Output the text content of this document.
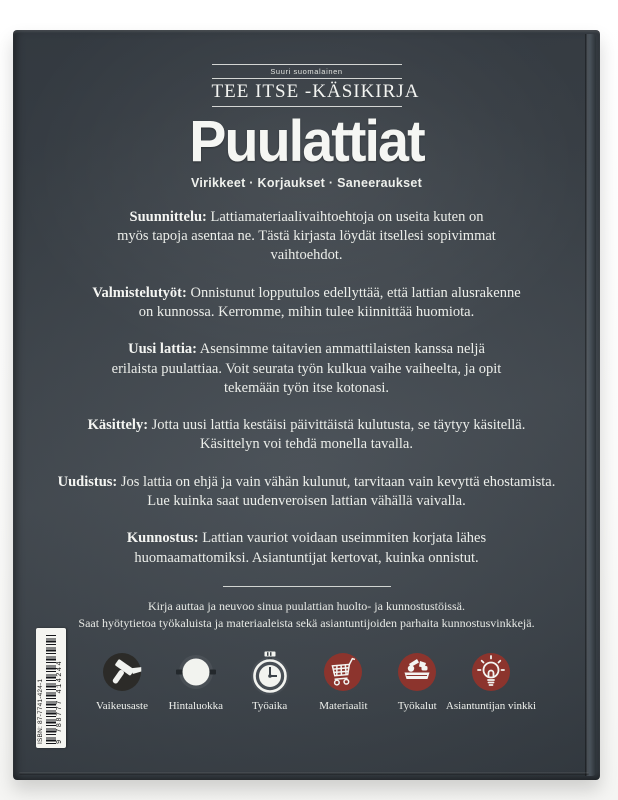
Suuri suomalainen
TEE ITSE -KÄSIKIRJA
Puulattiat
Virikkeet · Korjaukset · Saneeraukset

Suunnittelu: Lattiamateriaalivaihtoehtoja on useita kuten on myös tapoja asentaa ne. Tästä kirjasta löydät itsellesi sopivimmat vaihtoehdot.

Valmistelutyöt: Onnistunut lopputulos edellyttää, että lattian alusrakenne on kunnossa. Kerromme, mihin tulee kiinnittää huomiota.

Uusi lattia: Asensimme taitavien ammattilaisten kanssa neljä erilaista puulattiaa. Voit seurata työn kulkua vaihe vaiheelta, ja opit tekemään työn itse kotonasi.

Käsittely: Jotta uusi lattia kestäisi päivittäistä kulutusta, se täytyy käsitellä. Käsittelyn voi tehdä monella tavalla.

Uudistus: Jos lattia on ehjä ja vain vähän kulunut, tarvitaan vain kevyttä ehostamista. Lue kuinka saat uudenveroisen lattian vähällä vaivalla.

Kunnostus: Lattian vauriot voidaan useimmiten korjata lähes huomaamattomiksi. Asiantuntijat kertovat, kuinka onnistut.

Kirja auttaa ja neuvoo sinua puulattian huolto- ja kunnostustöissä.
Saat hyötytietoa työkaluista ja materiaaleista sekä asiantuntijoiden parhaita kunnostusvinkkejä.
Vaikeusaste Hintaluokka	Työaika	Materiaalit	Työkalut Asiantuntijan vinkki
ISBN: 87-7741-424-1 9 788777 414244
